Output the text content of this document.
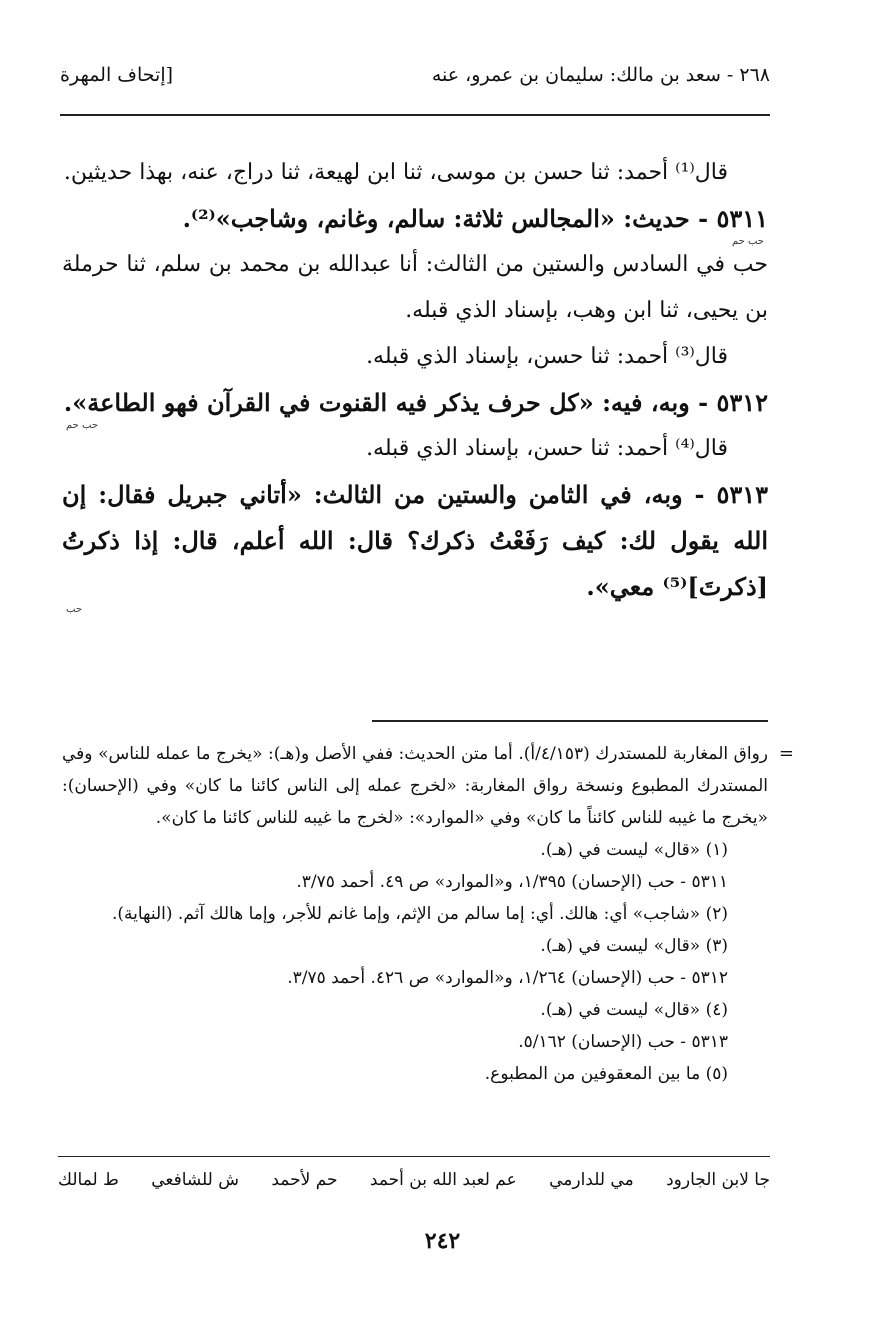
٢٦٨ - سعد بن مالك: سليمان بن عمرو، عنه
[إتحاف المهرة

قال⁽¹⁾ أحمد: ثنا حسن بن موسى، ثنا ابن لهيعة، ثنا دراج، عنه، بهذا حديثين.

٥٣١١ - حديث: «المجالس ثلاثة: سالم، وغانم، وشاجب»⁽²⁾.

حب حم

حب في السادس والستين من الثالث: أنا عبدالله بن محمد بن سلم، ثنا حرملة بن يحيى، ثنا ابن وهب، بإسناد الذي قبله.

قال⁽³⁾ أحمد: ثنا حسن، بإسناد الذي قبله.

٥٣١٢ - وبه، فيه: «كل حرف يذكر فيه القنوت في القرآن فهو الطاعة».

حب حم

قال⁽⁴⁾ أحمد: ثنا حسن، بإسناد الذي قبله.

٥٣١٣ - وبه، في الثامن والستين من الثالث: «أتاني جبريل فقال: إن الله يقول لك: كيف رَفَعْتُ ذكرك؟ قال: الله أعلم، قال: إذا ذكرتُ [ذكرتَ]⁽⁵⁾ معي».

حب

=
رواق المغاربة للمستدرك (٤/١٥٣/أ). أما متن الحديث: ففي الأصل و(هـ): «يخرج ما عمله للناس» وفي المستدرك المطبوع ونسخة رواق المغاربة: «لخرج عمله إلى الناس كائنا ما كان» وفي (الإحسان): «يخرج ما غيبه للناس كائناً ما كان» وفي «الموارد»: «لخرج ما غيبه للناس كائنا ما كان».

(١) «قال» ليست في (هـ).

٥٣١١ - حب (الإحسان) ١/٣٩٥، و«الموارد» ص ٤٩. أحمد ٣/٧٥.

(٢) «شاجب» أي: هالك. أي: إما سالم من الإثم، وإما غانم للأجر، وإما هالك آثم. (النهاية).

(٣) «قال» ليست في (هـ).

٥٣١٢ - حب (الإحسان) ١/٢٦٤، و«الموارد» ص ٤٢٦. أحمد ٣/٧٥.

(٤) «قال» ليست في (هـ).

٥٣١٣ - حب (الإحسان) ٥/١٦٢.

(٥) ما بين المعقوفين من المطبوع.

ط لمالك ش للشافعي حم لأحمد عم لعبد الله بن أحمد مي للدارمي جا لابن الجارود
٢٤٢
